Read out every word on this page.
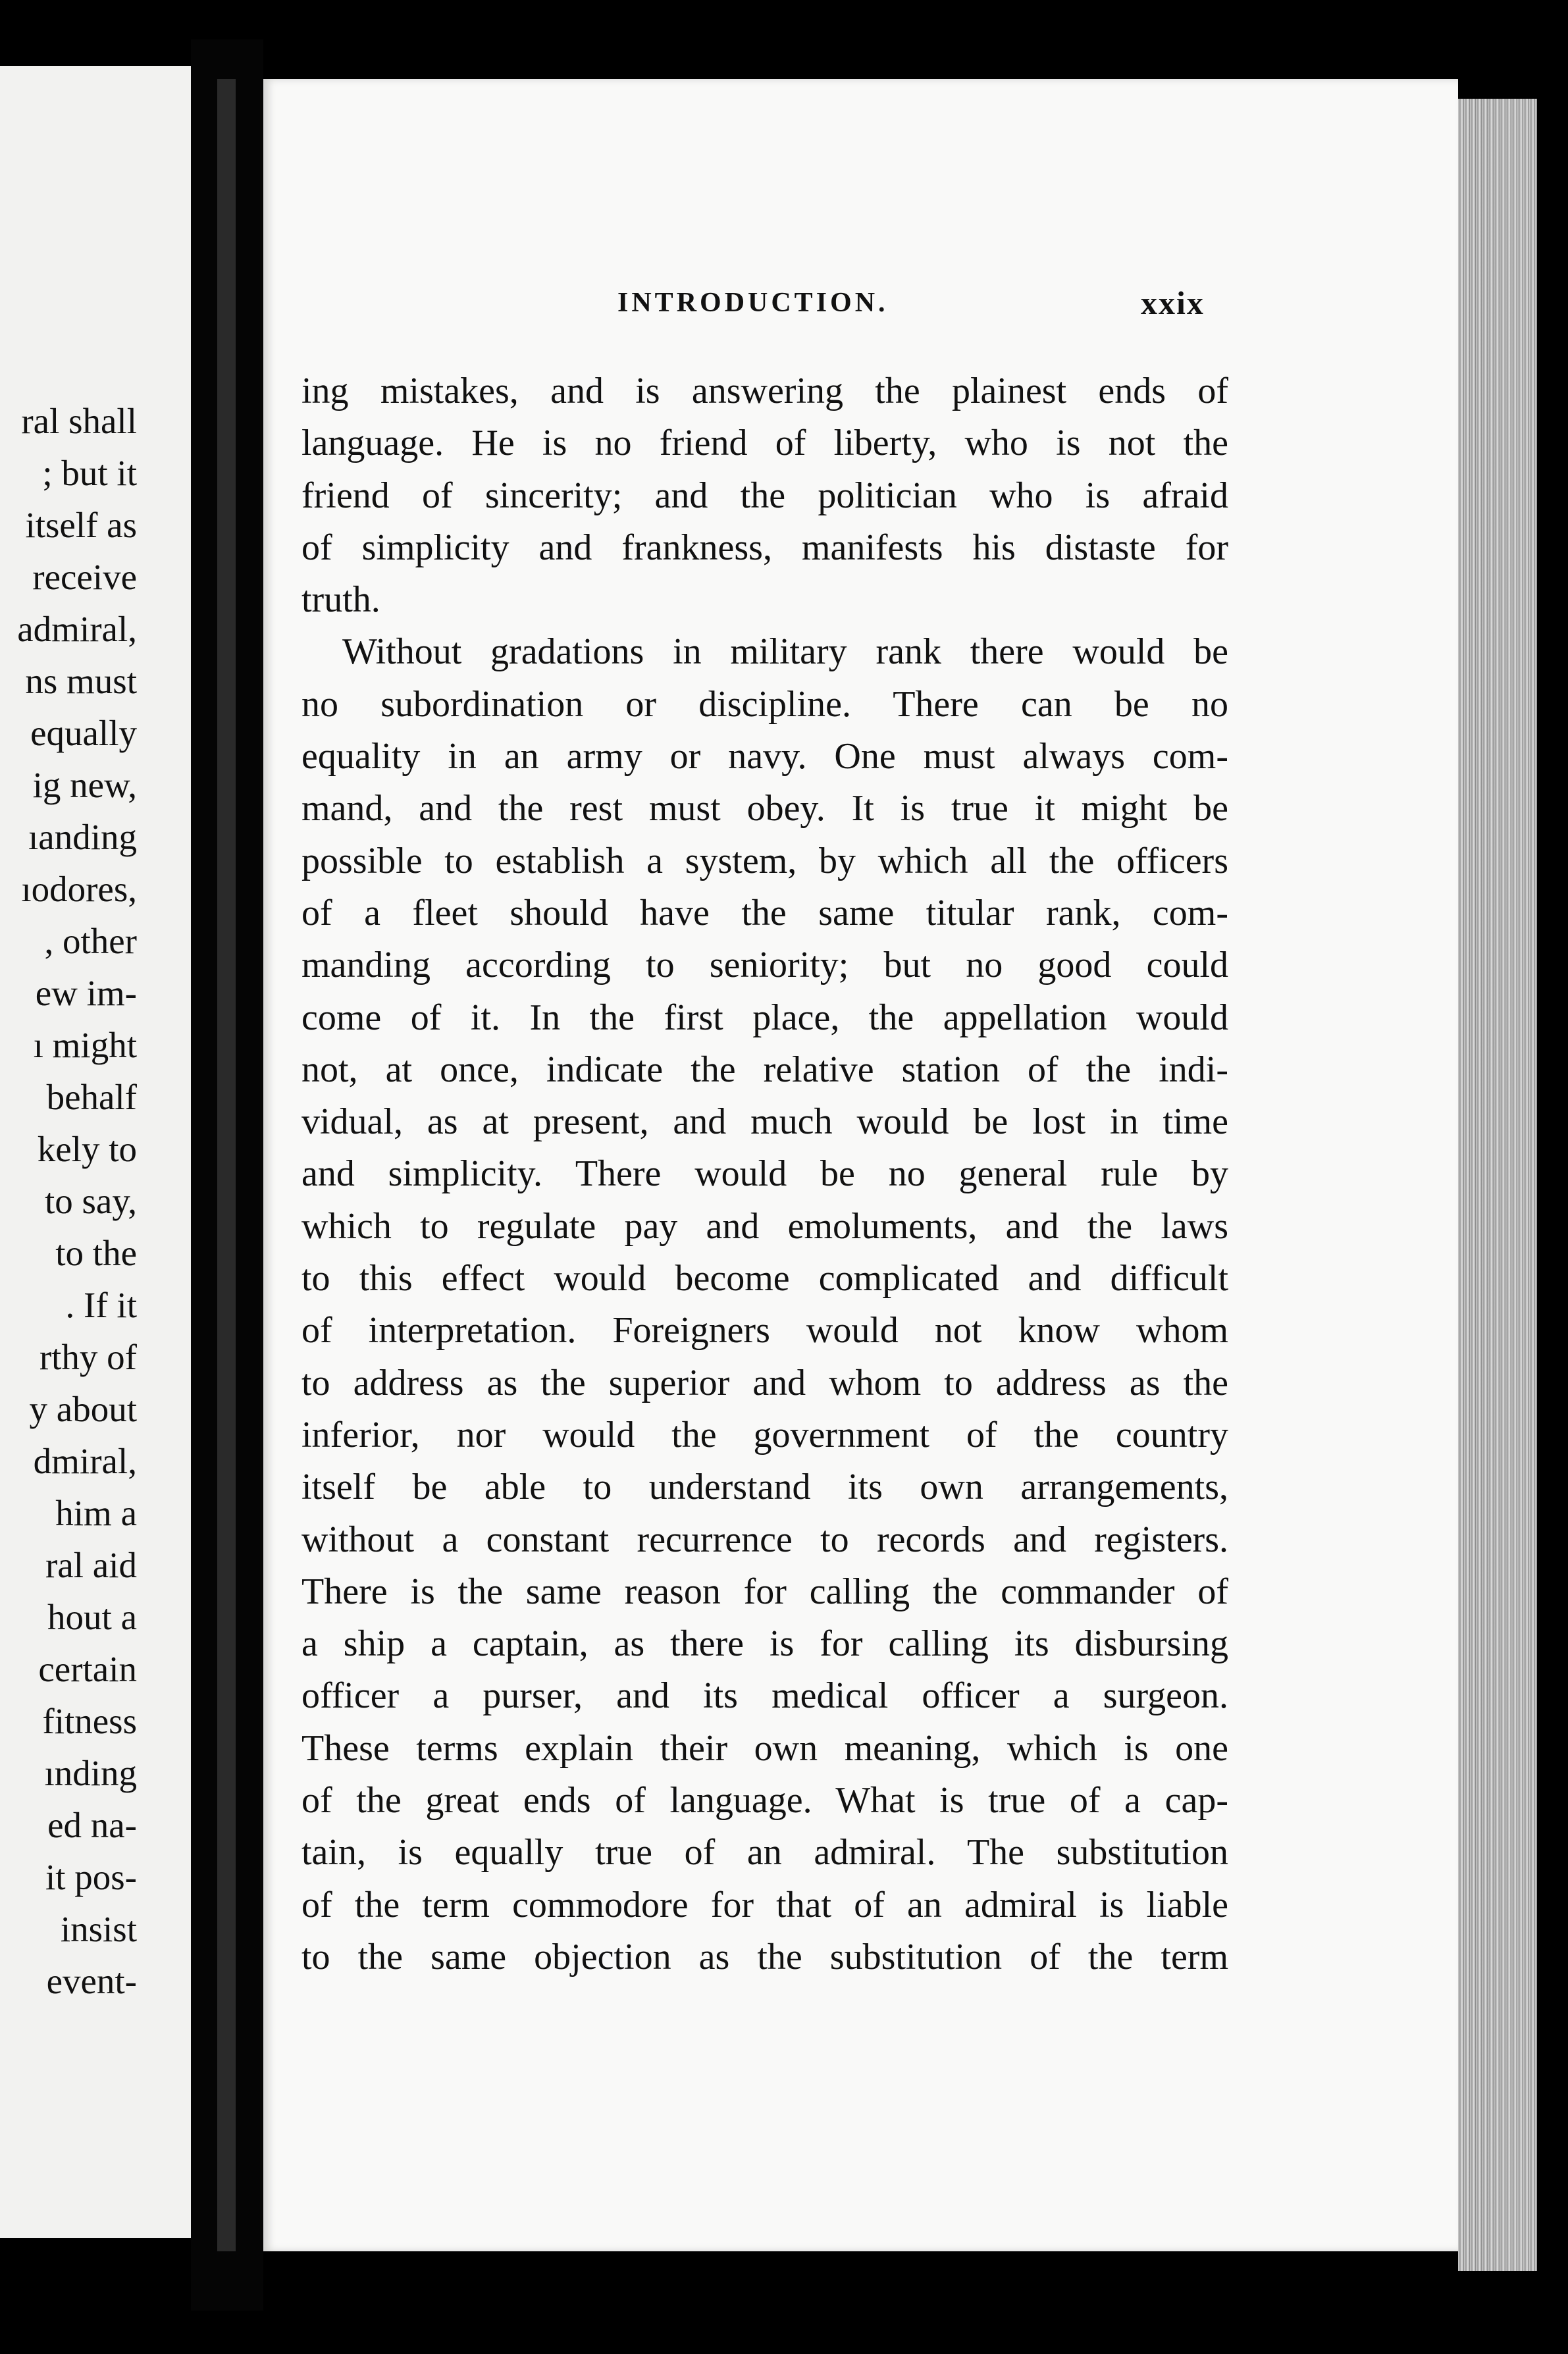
ral shall
; but it
itself as
receive
admiral,
ns must
equally
ig new,
ıanding
ıodores,
, other
ew im-
ı might
behalf
kely to
to say,
to the
. If it
rthy of
y about
dmiral,
him a
ral aid
hout a
certain
fitness
ınding
ed na-
it pos-
insist
event-
INTRODUCTION.	xxix
ing mistakes, and is answering the plainest ends of
language. He is no friend of liberty, who is not the
friend of sincerity; and the politician who is afraid
of simplicity and frankness, manifests his distaste for
truth.
Without gradations in military rank there would be
no subordination or discipline. There can be no
equality in an army or navy. One must always com-
mand, and the rest must obey. It is true it might be
possible to establish a system, by which all the officers
of a fleet should have the same titular rank, com-
manding according to seniority; but no good could
come of it. In the first place, the appellation would
not, at once, indicate the relative station of the indi-
vidual, as at present, and much would be lost in time
and simplicity. There would be no general rule by
which to regulate pay and emoluments, and the laws
to this effect would become complicated and difficult
of interpretation. Foreigners would not know whom
to address as the superior and whom to address as the
inferior, nor would the government of the country
itself be able to understand its own arrangements,
without a constant recurrence to records and registers.
There is the same reason for calling the commander of
a ship a captain, as there is for calling its disbursing
officer a purser, and its medical officer a surgeon.
These terms explain their own meaning, which is one
of the great ends of language. What is true of a cap-
tain, is equally true of an admiral. The substitution
of the term commodore for that of an admiral is liable
to the same objection as the substitution of the term
